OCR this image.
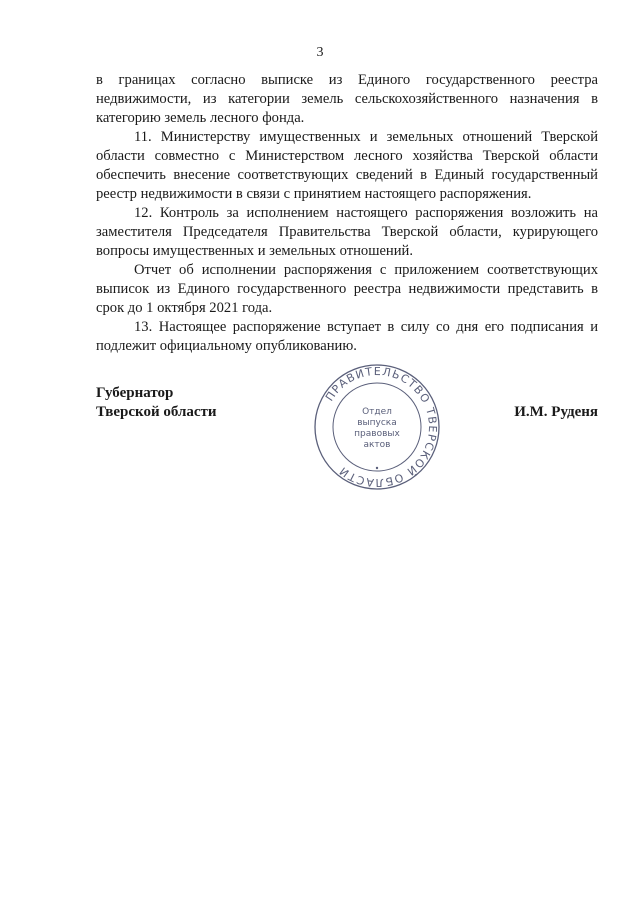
3

в границах согласно выписке из Единого государственного реестра недвижимости, из категории земель сельскохозяйственного назначения в категорию земель лесного фонда.

11. Министерству имущественных и земельных отношений Тверской области совместно с Министерством лесного хозяйства Тверской области обеспечить внесение соответствующих сведений в Единый государственный реестр недвижимости в связи с принятием настоящего распоряжения.

12. Контроль за исполнением настоящего распоряжения возложить на заместителя Председателя Правительства Тверской области, курирующего вопросы имущественных и земельных отношений.

Отчет об исполнении распоряжения с приложением соответствующих выписок из Единого государственного реестра недвижимости представить в срок до 1 октября 2021 года.

13. Настоящее распоряжение вступает в силу со дня его подписания и подлежит официальному опубликованию.

Губернатор
Тверской области	И.М. Руденя
ПРАВИТЕЛЬСТВО ТВЕРСКОЙ ОБЛАСТИ
Отдел
выпуска
правовых
актов
